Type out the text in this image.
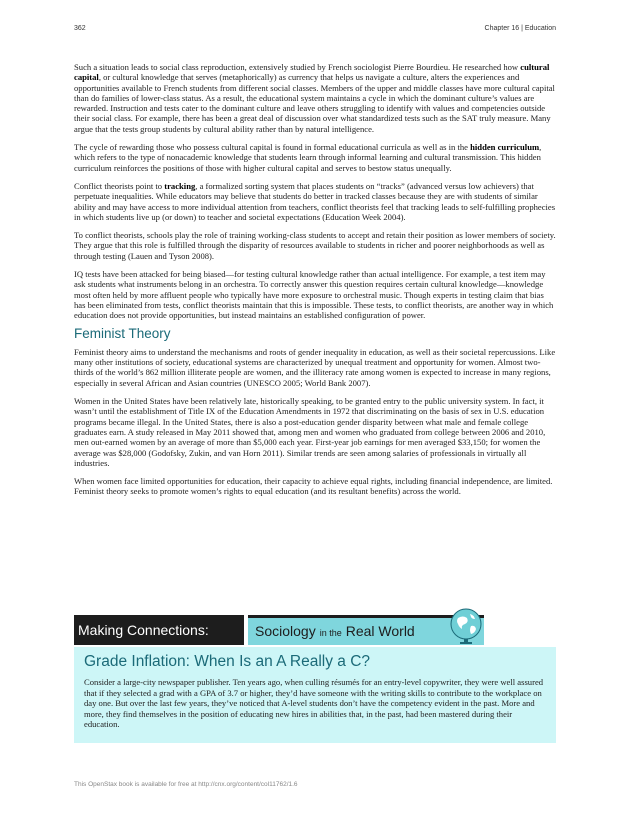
362	Chapter 16 | Education

Such a situation leads to social class reproduction, extensively studied by French sociologist Pierre Bourdieu. He researched how cultural capital, or cultural knowledge that serves (metaphorically) as currency that helps us navigate a culture, alters the experiences and opportunities available to French students from different social classes. Members of the upper and middle classes have more cultural capital than do families of lower-class status. As a result, the educational system maintains a cycle in which the dominant culture’s values are rewarded. Instruction and tests cater to the dominant culture and leave others struggling to identify with values and competencies outside their social class. For example, there has been a great deal of discussion over what standardized tests such as the SAT truly measure. Many argue that the tests group students by cultural ability rather than by natural intelligence.

The cycle of rewarding those who possess cultural capital is found in formal educational curricula as well as in the hidden curriculum, which refers to the type of nonacademic knowledge that students learn through informal learning and cultural transmission. This hidden curriculum reinforces the positions of those with higher cultural capital and serves to bestow status unequally.

Conflict theorists point to tracking, a formalized sorting system that places students on “tracks” (advanced versus low achievers) that perpetuate inequalities. While educators may believe that students do better in tracked classes because they are with students of similar ability and may have access to more individual attention from teachers, conflict theorists feel that tracking leads to self-fulfilling prophecies in which students live up (or down) to teacher and societal expectations (Education Week 2004).

To conflict theorists, schools play the role of training working-class students to accept and retain their position as lower members of society. They argue that this role is fulfilled through the disparity of resources available to students in richer and poorer neighborhoods as well as through testing (Lauen and Tyson 2008).

IQ tests have been attacked for being biased—for testing cultural knowledge rather than actual intelligence. For example, a test item may ask students what instruments belong in an orchestra. To correctly answer this question requires certain cultural knowledge—knowledge most often held by more affluent people who typically have more exposure to orchestral music. Though experts in testing claim that bias has been eliminated from tests, conflict theorists maintain that this is impossible. These tests, to conflict theorists, are another way in which education does not provide opportunities, but instead maintains an established configuration of power.

Feminist Theory

Feminist theory aims to understand the mechanisms and roots of gender inequality in education, as well as their societal repercussions. Like many other institutions of society, educational systems are characterized by unequal treatment and opportunity for women. Almost two-thirds of the world’s 862 million illiterate people are women, and the illiteracy rate among women is expected to increase in many regions, especially in several African and Asian countries (UNESCO 2005; World Bank 2007).

Women in the United States have been relatively late, historically speaking, to be granted entry to the public university system. In fact, it wasn’t until the establishment of Title IX of the Education Amendments in 1972 that discriminating on the basis of sex in U.S. education programs became illegal. In the United States, there is also a post-education gender disparity between what male and female college graduates earn. A study released in May 2011 showed that, among men and women who graduated from college between 2006 and 2010, men out-earned women by an average of more than $5,000 each year. First-year job earnings for men averaged $33,150; for women the average was $28,000 (Godofsky, Zukin, and van Horn 2011). Similar trends are seen among salaries of professionals in virtually all industries.

When women face limited opportunities for education, their capacity to achieve equal rights, including financial independence, are limited. Feminist theory seeks to promote women’s rights to equal education (and its resultant benefits) across the world.

Making Connections:	Sociology in the Real World
Grade Inflation: When Is an A Really a C?

Consider a large-city newspaper publisher. Ten years ago, when culling résumés for an entry-level copywriter, they were well assured that if they selected a grad with a GPA of 3.7 or higher, they’d have someone with the writing skills to contribute to the workplace on day one. But over the last few years, they’ve noticed that A-level students don’t have the competency evident in the past. More and more, they find themselves in the position of educating new hires in abilities that, in the past, had been mastered during their education.

This OpenStax book is available for free at http://cnx.org/content/col11762/1.6
